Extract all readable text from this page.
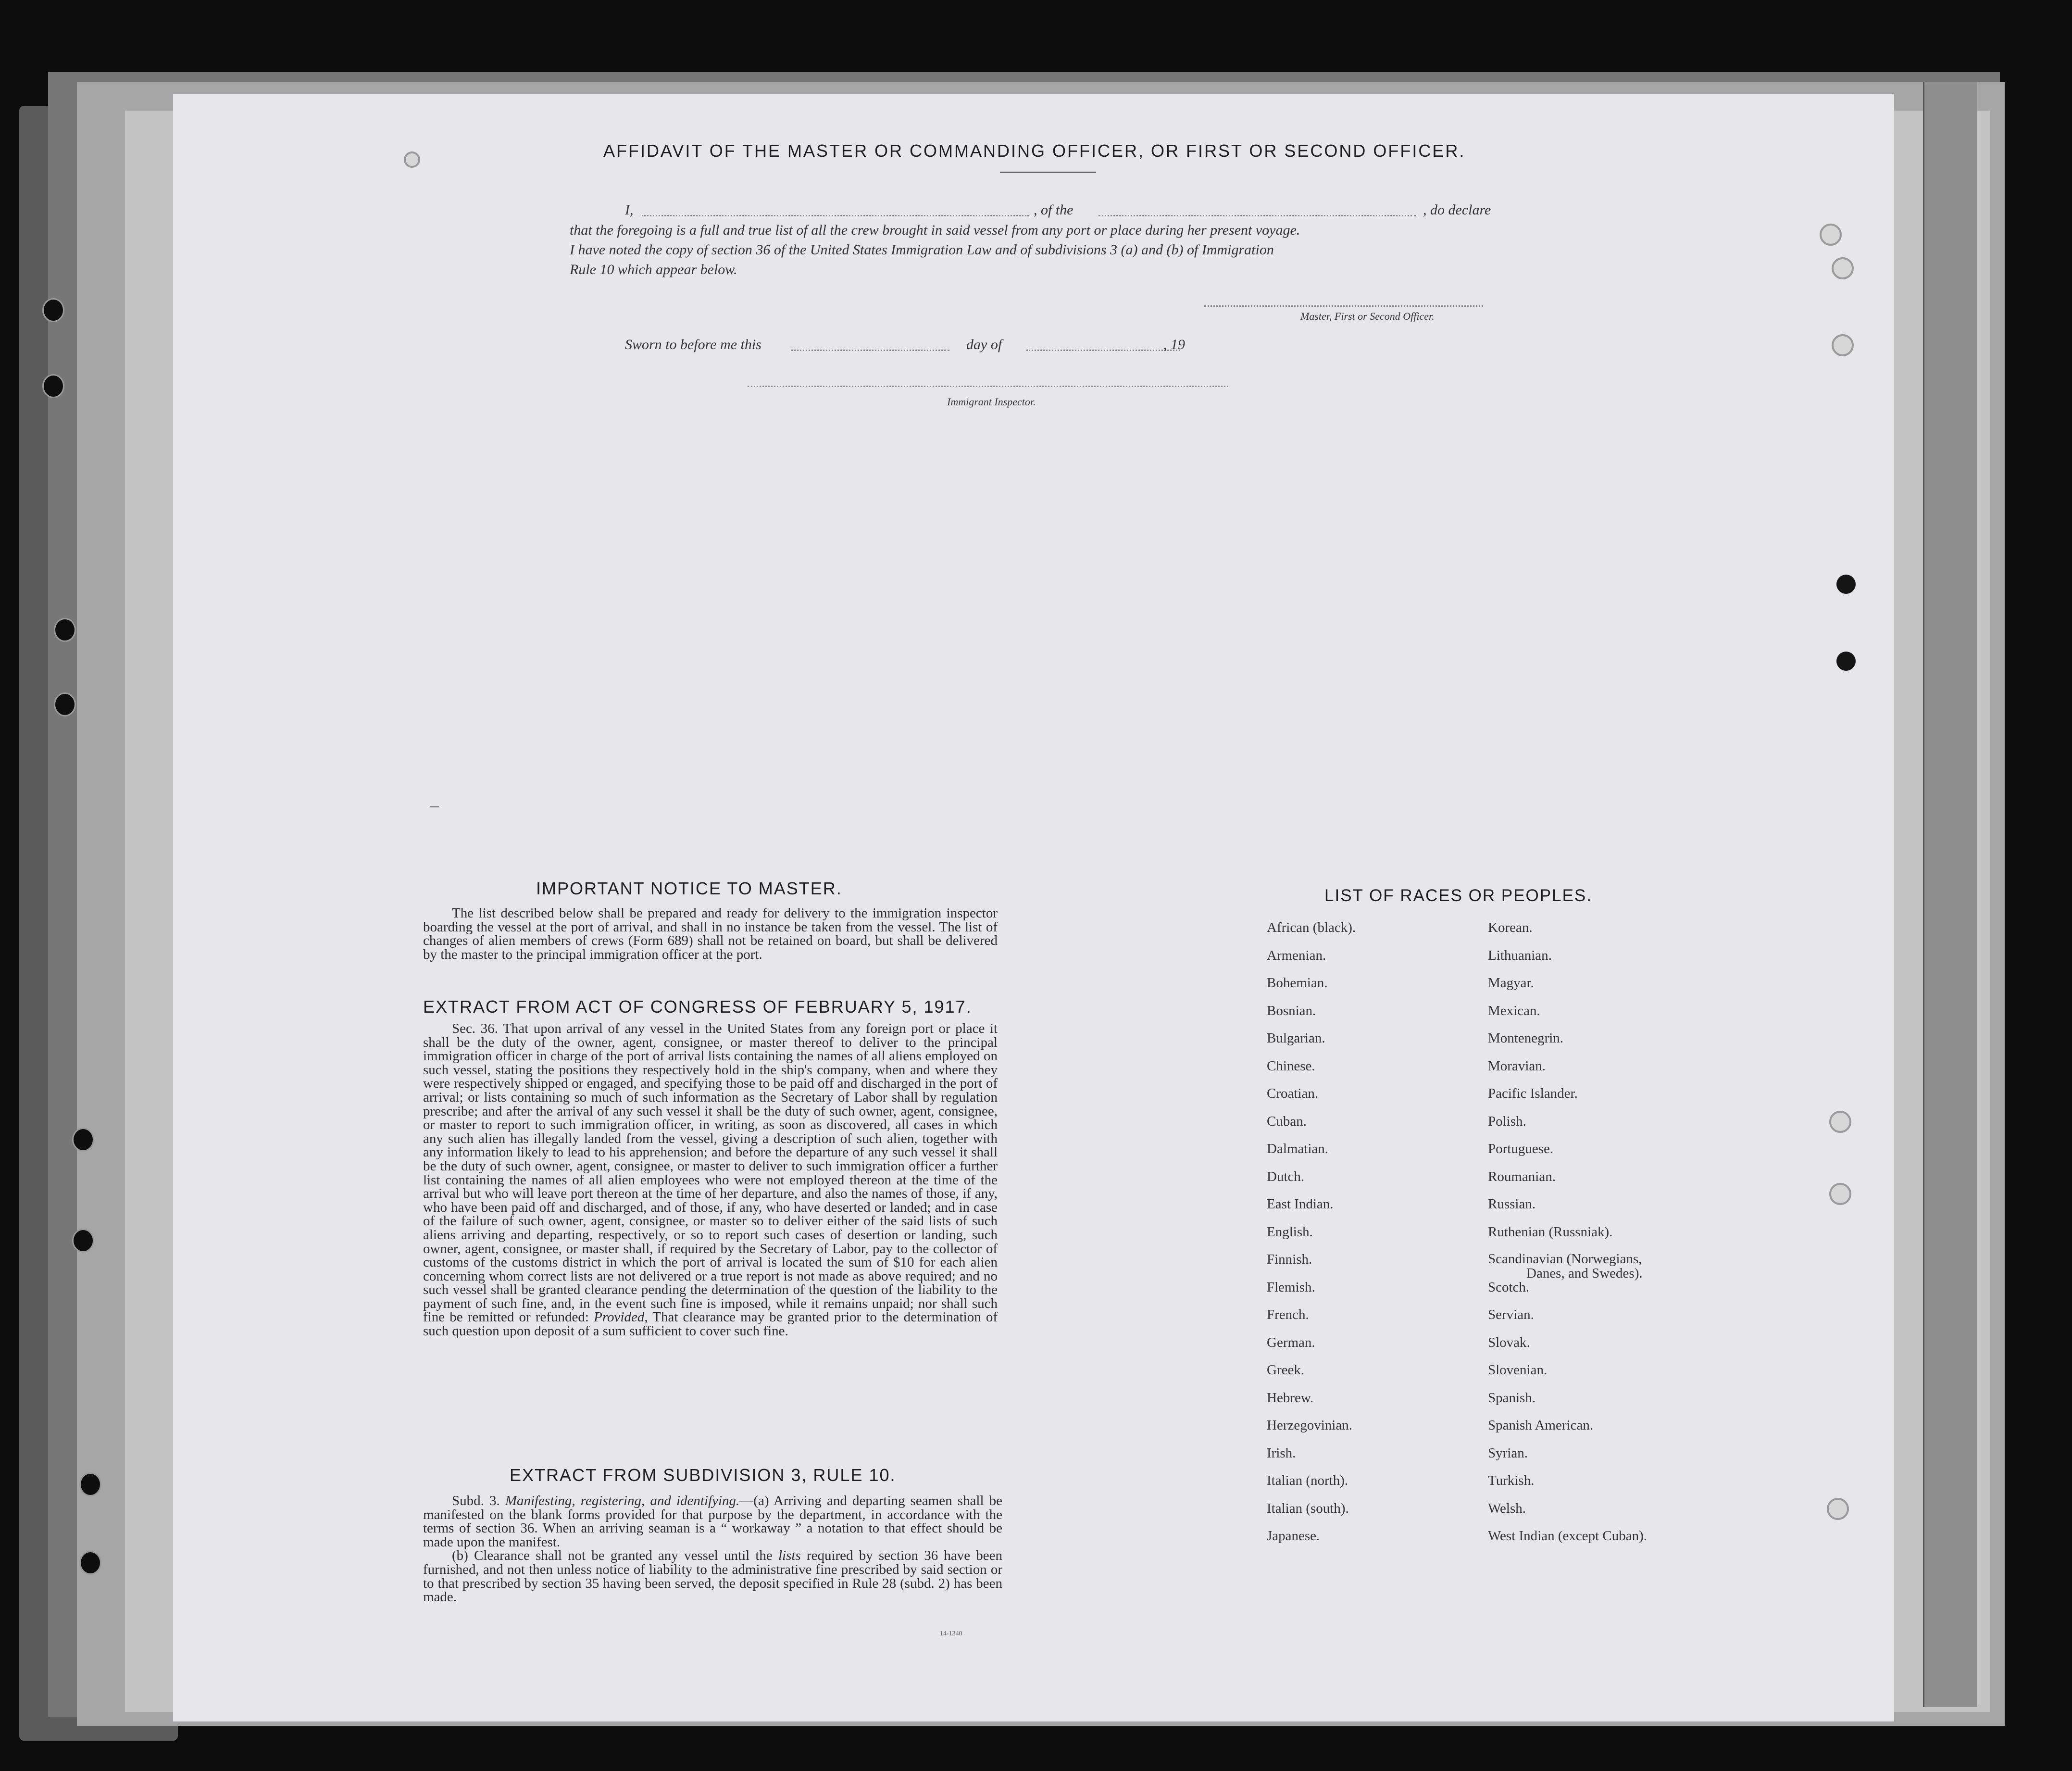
AFFIDAVIT OF THE MASTER OR COMMANDING OFFICER, OR FIRST OR SECOND OFFICER.
I,	, of the	, do declare
that the foregoing is a full and true list of all the crew brought in said vessel from any port or place during her present voyage.
I have noted the copy of section 36 of the United States Immigration Law and of subdivisions 3 (a) and (b) of Immigration
Rule 10 which appear below.
Master, First or Second Officer.
Sworn to before me this	day of	, 19
Immigrant Inspector.
IMPORTANT NOTICE TO MASTER.
The list described below shall be prepared and ready for delivery to the immigration inspector boarding the vessel at the port of arrival, and shall in no instance be taken from the vessel. The list of changes of alien members of crews (Form 689) shall not be retained on board, but shall be delivered by the master to the principal immigration officer at the port.
EXTRACT FROM ACT OF CONGRESS OF FEBRUARY 5, 1917.
Sec. 36. That upon arrival of any vessel in the United States from any foreign port or place it shall be the duty of the owner, agent, consignee, or master thereof to deliver to the principal immigration officer in charge of the port of arrival lists containing the names of all aliens employed on such vessel, stating the positions they respectively hold in the ship's company, when and where they were respectively shipped or engaged, and specifying those to be paid off and discharged in the port of arrival; or lists containing so much of such information as the Secretary of Labor shall by regulation prescribe; and after the arrival of any such vessel it shall be the duty of such owner, agent, consignee, or master to report to such immigration officer, in writing, as soon as discovered, all cases in which any such alien has illegally landed from the vessel, giving a description of such alien, together with any information likely to lead to his apprehension; and before the departure of any such vessel it shall be the duty of such owner, agent, consignee, or master to deliver to such immigration officer a further list containing the names of all alien employees who were not employed thereon at the time of the arrival but who will leave port thereon at the time of her departure, and also the names of those, if any, who have been paid off and discharged, and of those, if any, who have deserted or landed; and in case of the failure of such owner, agent, consignee, or master so to deliver either of the said lists of such aliens arriving and departing, respectively, or so to report such cases of desertion or landing, such owner, agent, consignee, or master shall, if required by the Secretary of Labor, pay to the collector of customs of the customs district in which the port of arrival is located the sum of $10 for each alien concerning whom correct lists are not delivered or a true report is not made as above required; and no such vessel shall be granted clearance pending the determination of the question of the liability to the payment of such fine, and, in the event such fine is imposed, while it remains unpaid; nor shall such fine be remitted or refunded: Provided, That clearance may be granted prior to the determination of such question upon deposit of a sum sufficient to cover such fine.
EXTRACT FROM SUBDIVISION 3, RULE 10.
Subd. 3. Manifesting, registering, and identifying.—(a) Arriving and departing seamen shall be manifested on the blank forms provided for that purpose by the department, in accordance with the terms of section 36. When an arriving seaman is a “ workaway ” a notation to that effect should be made upon the manifest.
(b) Clearance shall not be granted any vessel until the lists required by section 36 have been furnished, and not then unless notice of liability to the administrative fine prescribed by said section or to that prescribed by section 35 having been served, the deposit specified in Rule 28 (subd. 2) has been made.
14-1340
LIST OF RACES OR PEOPLES.
African (black).
Armenian.
Bohemian.
Bosnian.
Bulgarian.
Chinese.
Croatian.
Cuban.
Dalmatian.
Dutch.
East Indian.
English.
Finnish.
Flemish.
French.
German.
Greek.
Hebrew.
Herzegovinian.
Irish.
Italian (north).
Italian (south).
Japanese.
Korean.
Lithuanian.
Magyar.
Mexican.
Montenegrin.
Moravian.
Pacific Islander.
Polish.
Portuguese.
Roumanian.
Russian.
Ruthenian (Russniak).
Scandinavian (Norwegians,
Danes, and Swedes).
Scotch.
Servian.
Slovak.
Slovenian.
Spanish.
Spanish American.
Syrian.
Turkish.
Welsh.
West Indian (except Cuban).
